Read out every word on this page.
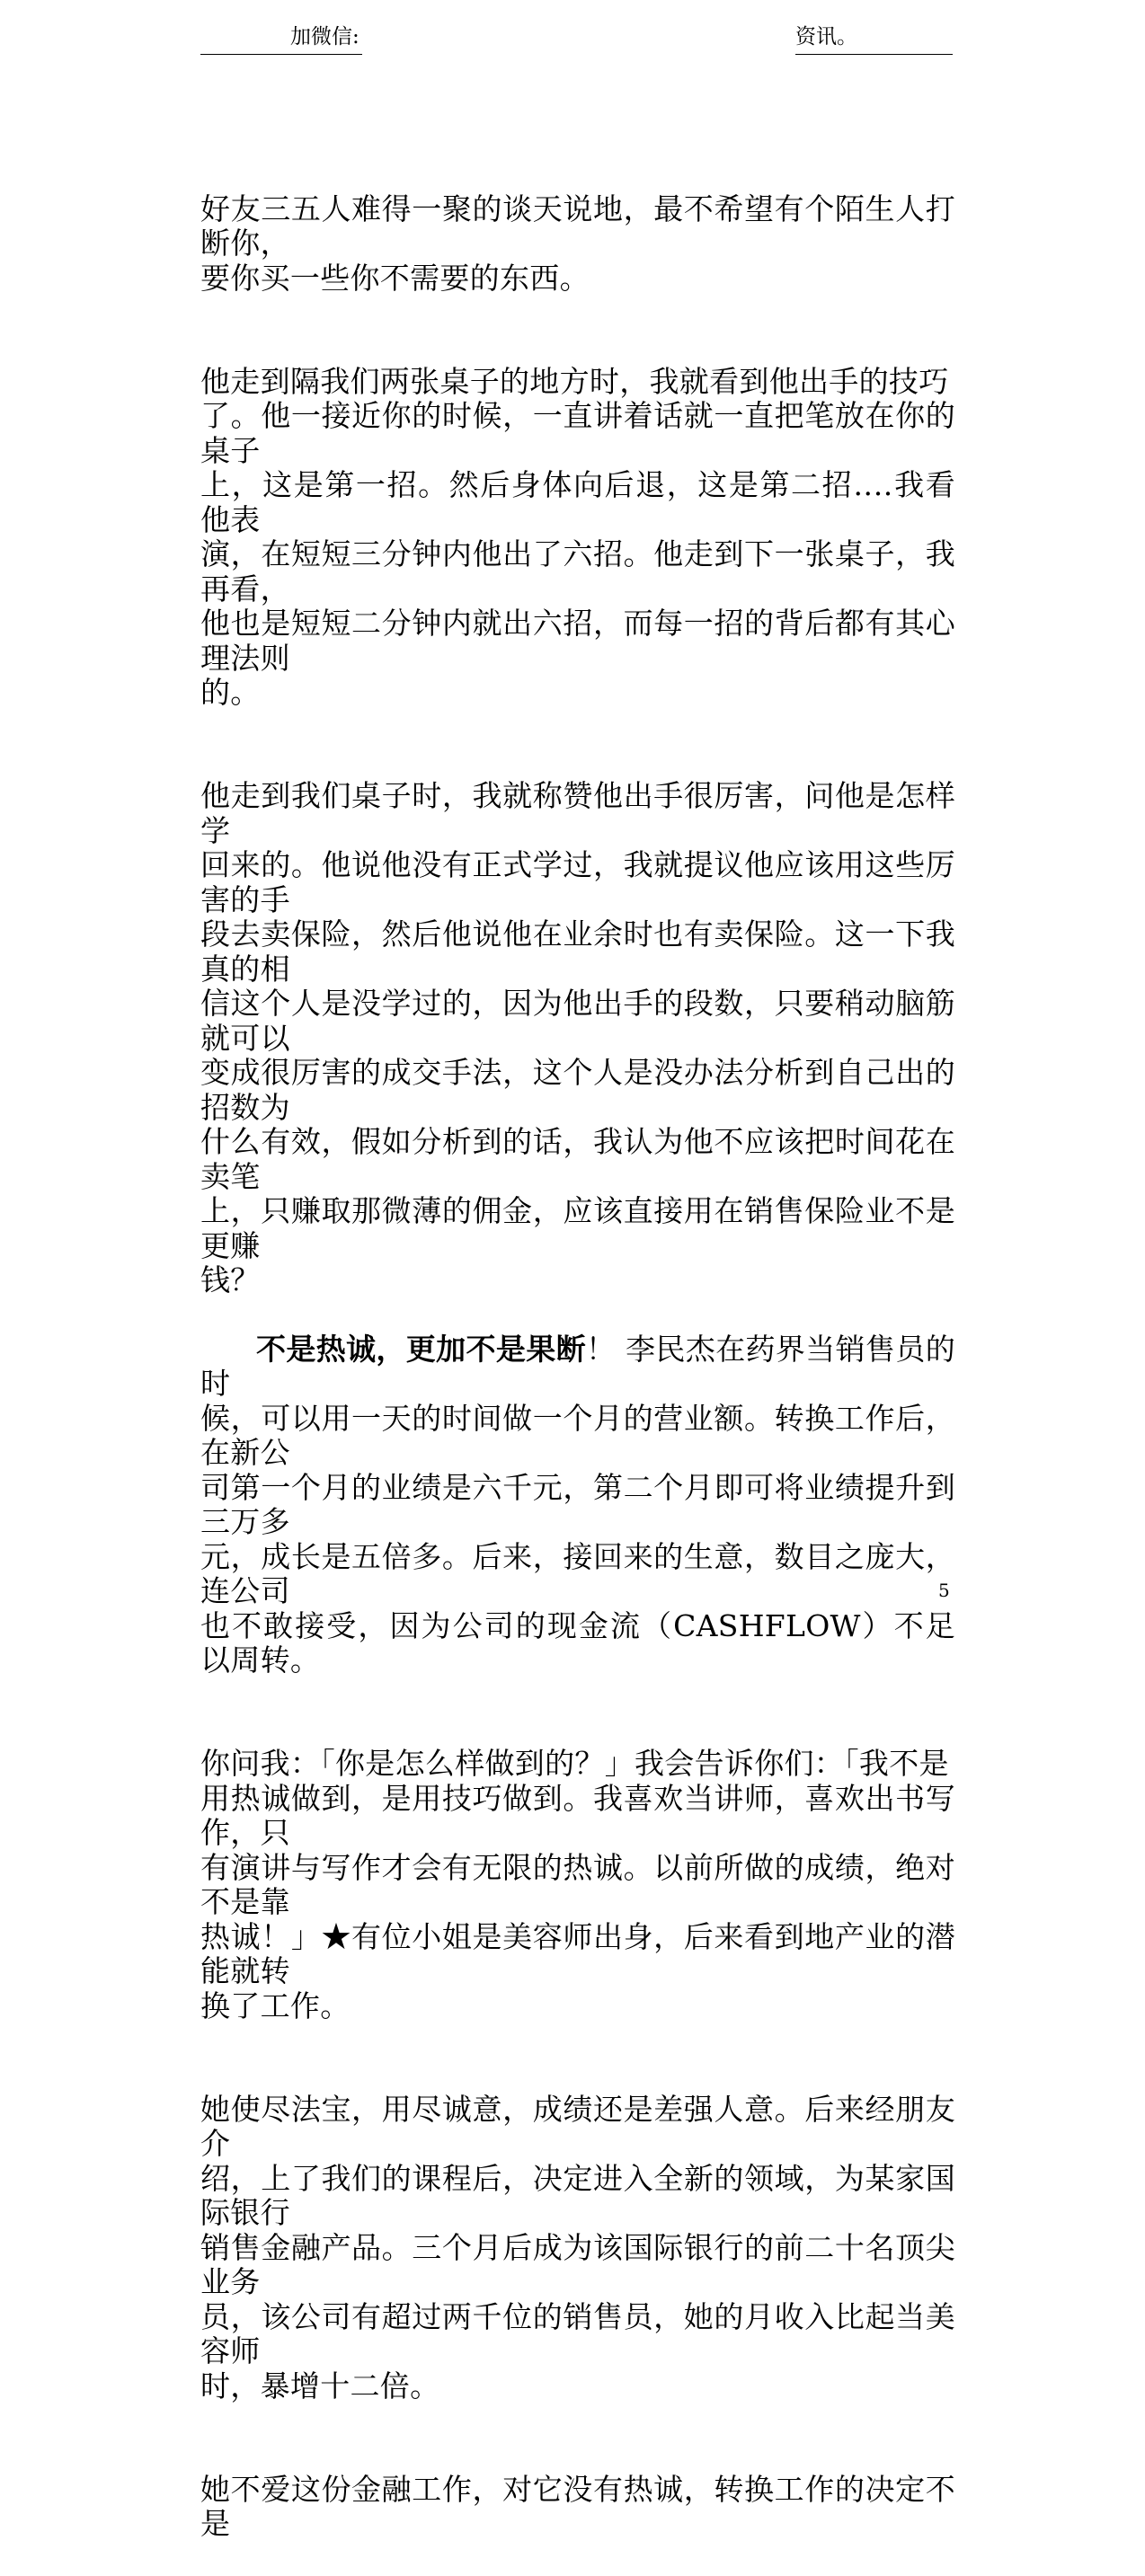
加微信:	资讯。

好友三五人难得一聚的谈天说地，最不希望有个陌生人打断你，
要你买一些你不需要的东西。

他走到隔我们两张桌子的地方时，我就看到他出手的技巧
了。他一接近你的时候，一直讲着话就一直把笔放在你的桌子
上，这是第一招。然后身体向后退，这是第二招‥‥我看他表
演，在短短三分钟内他出了六招。他走到下一张桌子，我再看，
他也是短短二分钟内就出六招，而每一招的背后都有其心理法则
的。

他走到我们桌子时，我就称赞他出手很厉害，问他是怎样学
回来的。他说他没有正式学过，我就提议他应该用这些厉害的手
段去卖保险，然后他说他在业余时也有卖保险。这一下我真的相
信这个人是没学过的，因为他出手的段数，只要稍动脑筋就可以
变成很厉害的成交手法，这个人是没办法分析到自己出的招数为
什么有效，假如分析到的话，我认为他不应该把时间花在卖笔
上，只赚取那微薄的佣金，应该直接用在销售保险业不是更赚
钱？

不是热诚，更加不是果断！ 李民杰在药界当销售员的时
候，可以用一天的时间做一个月的营业额。转换工作后，在新公
司第一个月的业绩是六千元，第二个月即可将业绩提升到三万多
元，成长是五倍多。后来，接回来的生意，数目之庞大，连公司
也不敢接受，因为公司的现金流（CASHFLOW）不足以周转。

你问我：「你是怎么样做到的？」我会告诉你们：「我不是
用热诚做到，是用技巧做到。我喜欢当讲师，喜欢出书写作，只
有演讲与写作才会有无限的热诚。以前所做的成绩，绝对不是靠
热诚！」★有位小姐是美容师出身，后来看到地产业的潜能就转
换了工作。

她使尽法宝，用尽诚意，成绩还是差强人意。后来经朋友介
绍，上了我们的课程后，决定进入全新的领域，为某家国际银行
销售金融产品。三个月后成为该国际银行的前二十名顶尖业务
员，该公司有超过两千位的销售员，她的月收入比起当美容师
时，暴增十二倍。

她不爱这份金融工作，对它没有热诚，转换工作的决定不是

5
